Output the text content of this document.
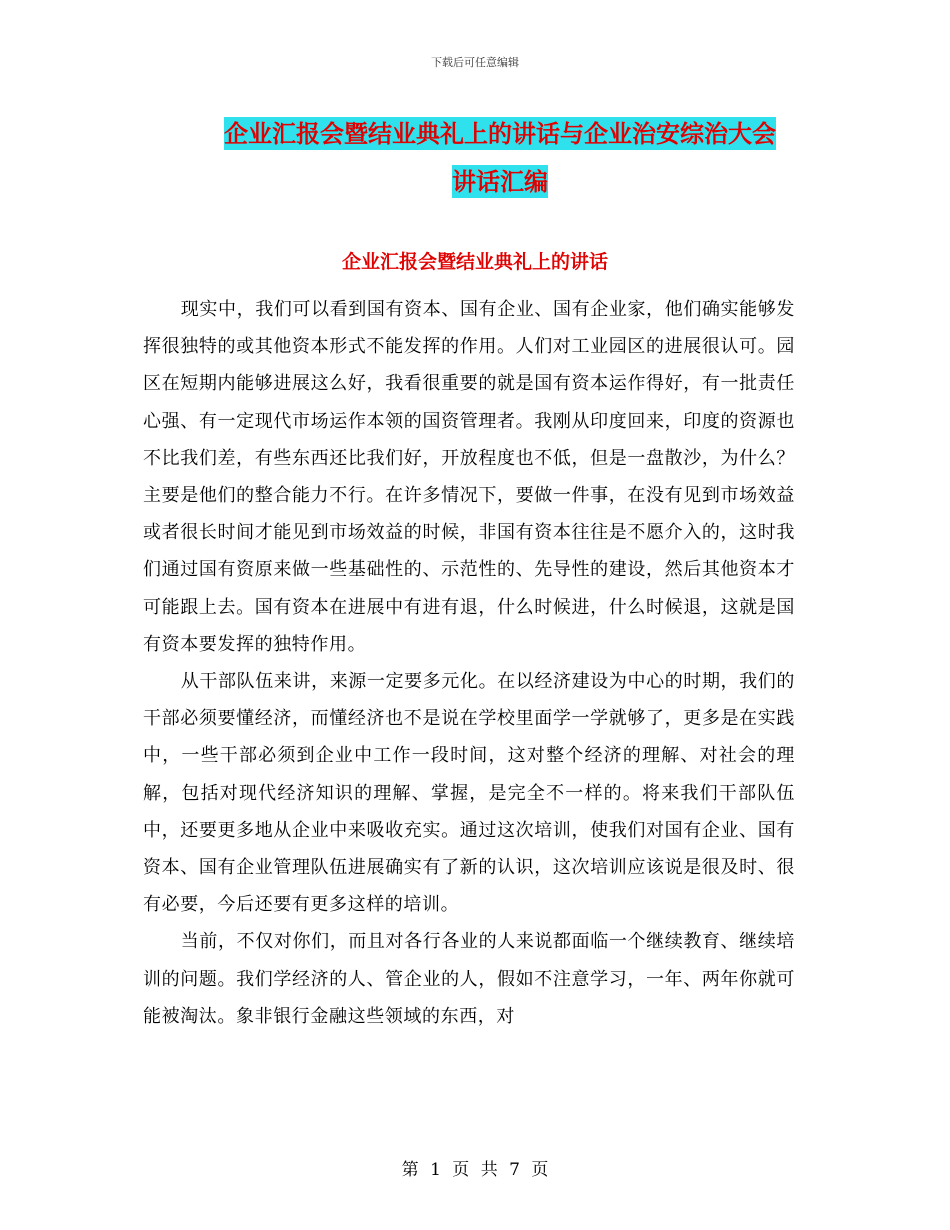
下载后可任意编辑
企业汇报会暨结业典礼上的讲话与企业治安综治大会
讲话汇编
企业汇报会暨结业典礼上的讲话

现实中，我们可以看到国有资本、国有企业、国有企业家，他们确实能够发挥很独特的或其他资本形式不能发挥的作用。人们对工业园区的进展很认可。园区在短期内能够进展这么好，我看很重要的就是国有资本运作得好，有一批责任心强、有一定现代市场运作本领的国资管理者。我刚从印度回来，印度的资源也不比我们差，有些东西还比我们好，开放程度也不低，但是一盘散沙，为什么？主要是他们的整合能力不行。在许多情况下，要做一件事，在没有见到市场效益或者很长时间才能见到市场效益的时候，非国有资本往往是不愿介入的，这时我们通过国有资原来做一些基础性的、示范性的、先导性的建设，然后其他资本才可能跟上去。国有资本在进展中有进有退，什么时候进，什么时候退，这就是国有资本要发挥的独特作用。

从干部队伍来讲，来源一定要多元化。在以经济建设为中心的时期，我们的干部必须要懂经济，而懂经济也不是说在学校里面学一学就够了，更多是在实践中，一些干部必须到企业中工作一段时间，这对整个经济的理解、对社会的理解，包括对现代经济知识的理解、掌握，是完全不一样的。将来我们干部队伍中，还要更多地从企业中来吸收充实。通过这次培训，使我们对国有企业、国有资本、国有企业管理队伍进展确实有了新的认识，这次培训应该说是很及时、很有必要，今后还要有更多这样的培训。

当前，不仅对你们，而且对各行各业的人来说都面临一个继续教育、继续培训的问题。我们学经济的人、管企业的人，假如不注意学习，一年、两年你就可能被淘汰。象非银行金融这些领域的东西，对

第 1 页 共 7 页
